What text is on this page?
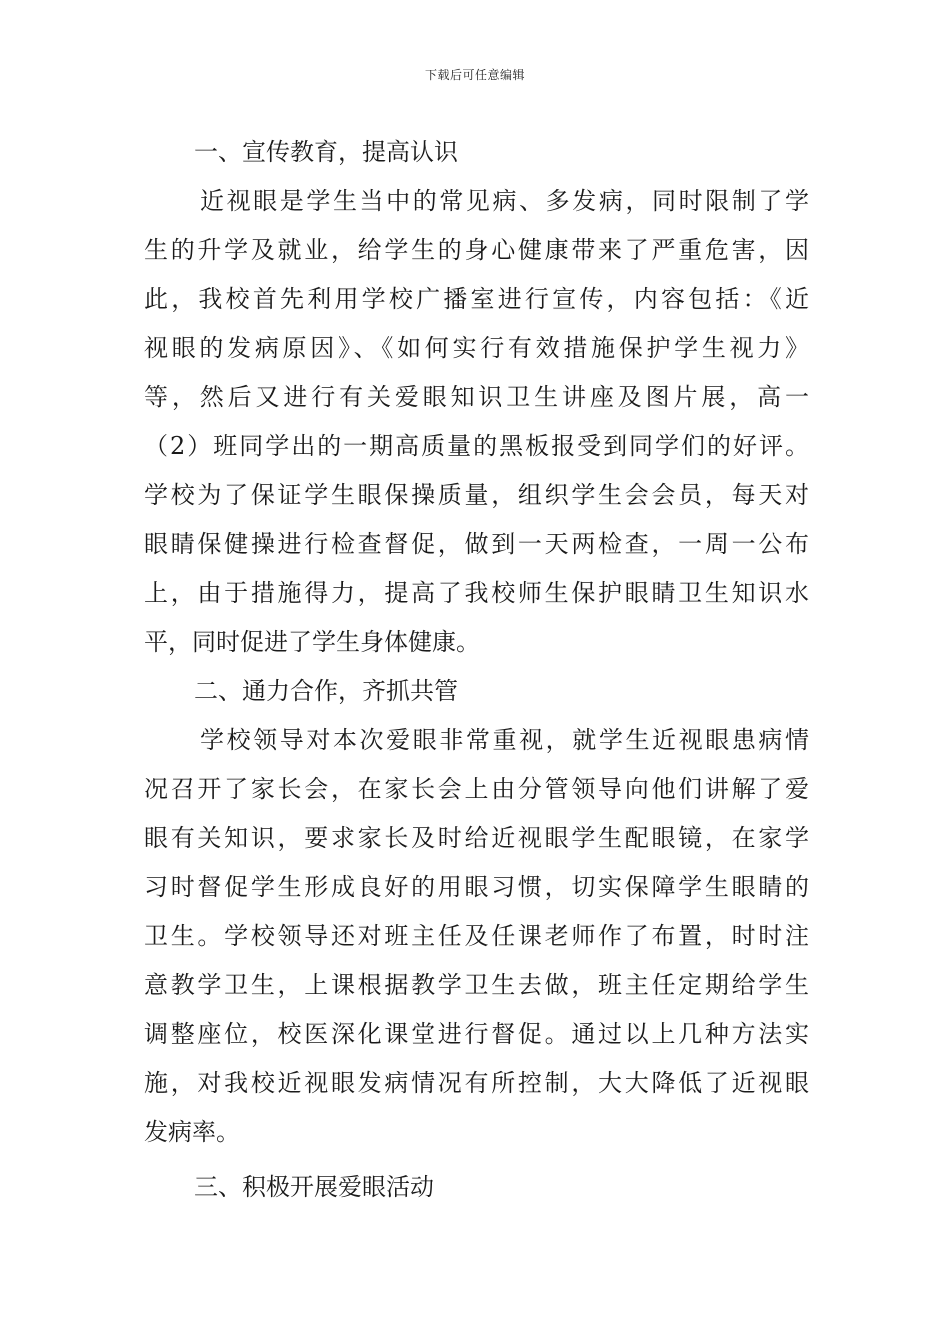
下载后可任意编辑
一、宣传教育，提高认识
近视眼是学生当中的常见病、多发病，同时限制了学
生的升学及就业，给学生的身心健康带来了严重危害，因
此，我校首先利用学校广播室进行宣传，内容包括：《近
视眼的发病原因》、《如何实行有效措施保护学生视力》
等，然后又进行有关爱眼知识卫生讲座及图片展，高一
（2）班同学出的一期高质量的黑板报受到同学们的好评。
学校为了保证学生眼保操质量，组织学生会会员，每天对
眼睛保健操进行检查督促，做到一天两检查，一周一公布
上，由于措施得力，提高了我校师生保护眼睛卫生知识水
平，同时促进了学生身体健康。
二、通力合作，齐抓共管
学校领导对本次爱眼非常重视，就学生近视眼患病情
况召开了家长会，在家长会上由分管领导向他们讲解了爱
眼有关知识，要求家长及时给近视眼学生配眼镜，在家学
习时督促学生形成良好的用眼习惯，切实保障学生眼睛的
卫生。学校领导还对班主任及任课老师作了布置，时时注
意教学卫生，上课根据教学卫生去做，班主任定期给学生
调整座位，校医深化课堂进行督促。通过以上几种方法实
施，对我校近视眼发病情况有所控制，大大降低了近视眼
发病率。
三、积极开展爱眼活动
